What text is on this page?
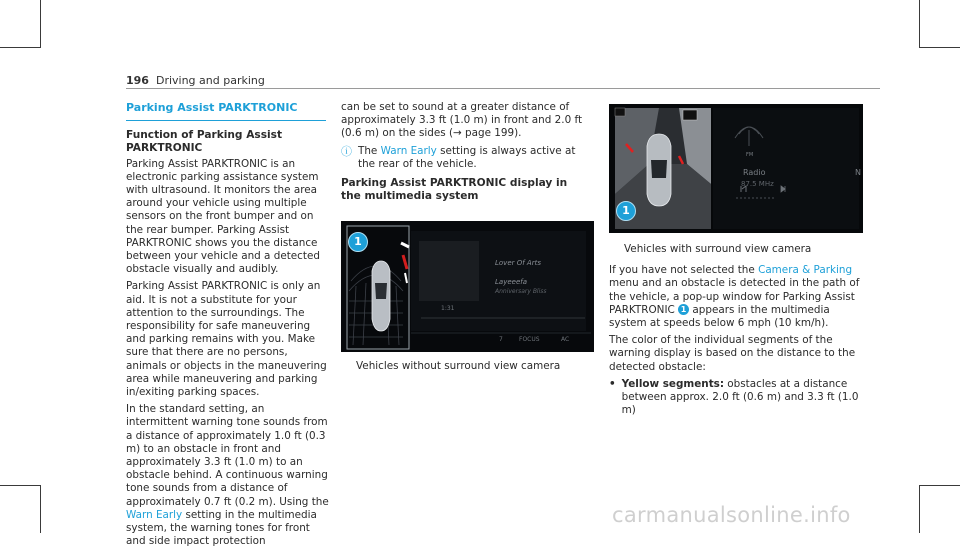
196 Driving and parking
Parking Assist PARKTRONIC
Function of Parking Assist PARKTRONIC

Parking Assist PARKTRONIC is an electronic parking assistance system with ultrasound. It monitors the area around your vehicle using multiple sensors on the front bumper and on the rear bumper. Parking Assist PARKTRONIC shows you the distance between your vehicle and a detected obstacle visually and audibly.

Parking Assist PARKTRONIC is only an aid. It is not a substitute for your attention to the surroundings. The responsibility for safe maneuvering and parking remains with you. Make sure that there are no persons, animals or objects in the maneuvering area while maneuvering and parking in/exiting parking spaces.

In the standard setting, an intermittent warning tone sounds from a distance of approximately 1.0 ft (0.3 m) to an obstacle in front and approximately 3.3 ft (1.0 m) to an obstacle behind. A continuous warning tone sounds from a distance of approximately 0.7 ft (0.2 m). Using the Warn Early setting in the multimedia system, the warning tones for front and side impact protection

can be set to sound at a greater distance of approximately 3.3 ft (1.0 m) in front and 2.0 ft (0.6 m) on the sides (→ page 199).

ⓘ The Warn Early setting is always active at the rear of the vehicle.
Parking Assist PARKTRONIC display in the multimedia system
Lover Of Arts
Layeeefa
Anniversary Bliss
1:31
7	FOCUS	AC
1
Vehicles without surround view camera
FM
Radio
87.5 MHz
N
1
Vehicles with surround view camera

If you have not selected the Camera & Parking menu and an obstacle is detected in the path of the vehicle, a pop-up window for Parking Assist PARKTRONIC 1 appears in the multimedia system at speeds below 6 mph (10 km/h).

The color of the individual segments of the warning display is based on the distance to the detected obstacle:

• Yellow segments: obstacles at a distance between approx. 2.0 ft (0.6 m) and 3.3 ft (1.0 m)
carmanualsonline.info
